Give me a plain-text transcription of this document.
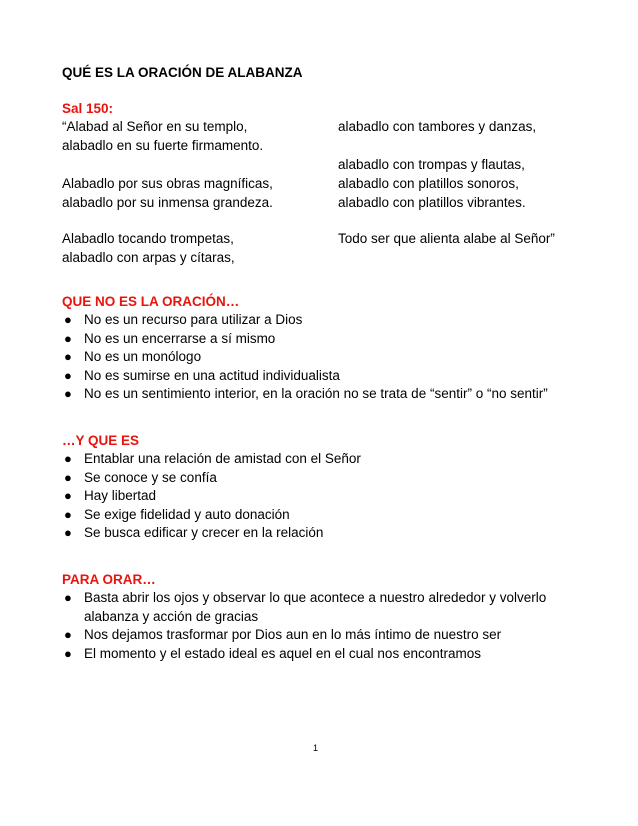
QUÉ ES LA ORACIÓN DE ALABANZA
Sal 150:
“Alabad al Señor en su templo,
alabadlo en su fuerte firmamento.
Alabadlo por sus obras magníficas,
alabadlo por su inmensa grandeza.
Alabadlo tocando trompetas,
alabadlo con arpas y cítaras,
alabadlo con tambores y danzas,
alabadlo con trompas y flautas,
alabadlo con platillos sonoros,
alabadlo con platillos vibrantes.
Todo ser que alienta alabe al Señor”
QUE NO ES LA ORACIÓN…
● No es un recurso para utilizar a Dios
● No es un encerrarse a sí mismo
● No es un monólogo
● No es sumirse en una actitud individualista
● No es un sentimiento interior, en la oración no se trata de “sentir” o “no sentir”
…Y QUE ES
● Entablar una relación de amistad con el Señor
● Se conoce y se confía
● Hay libertad
● Se exige fidelidad y auto donación
● Se busca edificar y crecer en la relación
PARA ORAR…
● Basta abrir los ojos y observar lo que acontece a nuestro alrededor y volverlo alabanza y acción de gracias
● Nos dejamos trasformar por Dios aun en lo más íntimo de nuestro ser
● El momento y el estado ideal es aquel en el cual nos encontramos
1
